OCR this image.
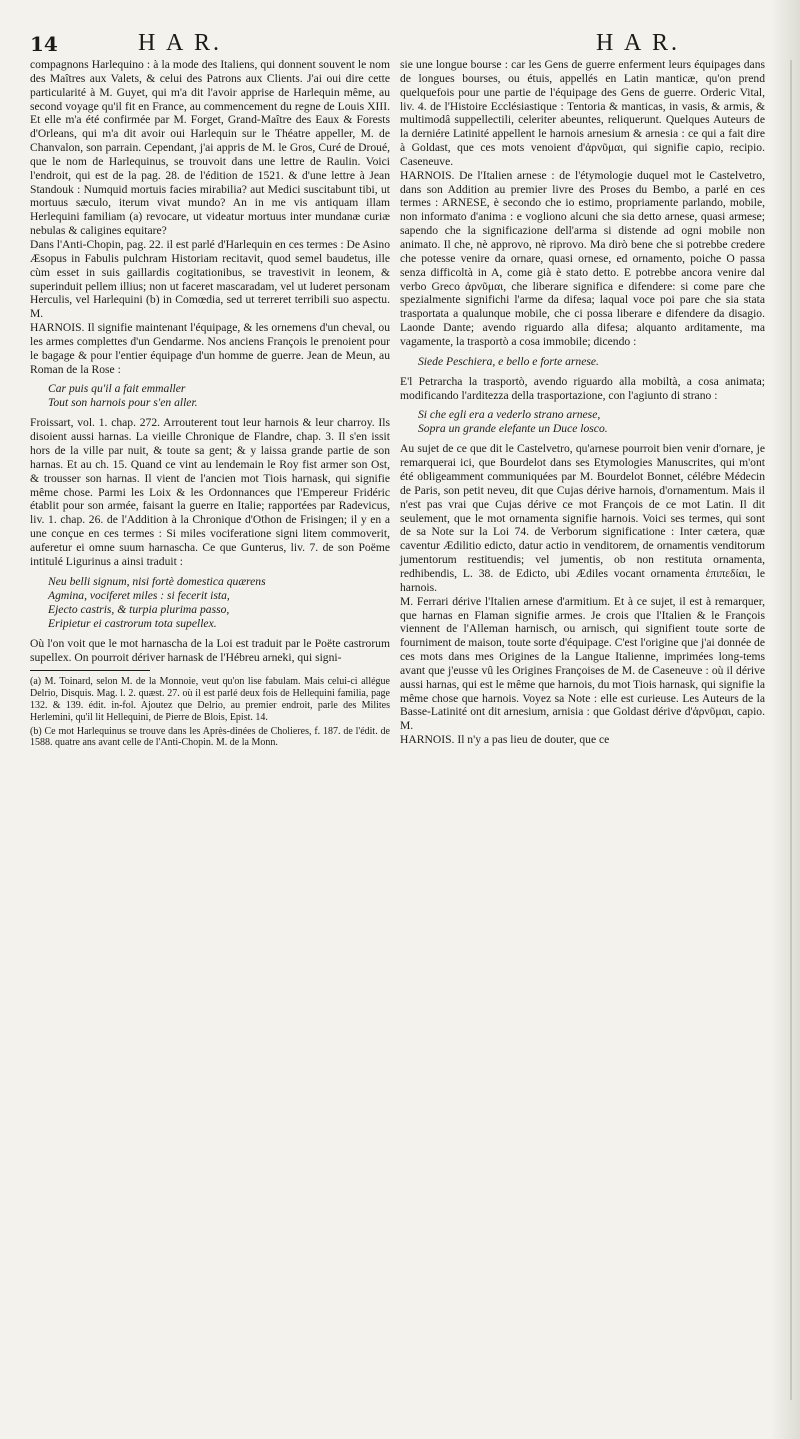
14	H A R.	H A R.

compagnons Harlequino : à la mode des Italiens, qui donnent souvent le nom des Maîtres aux Valets, & celui des Patrons aux Clients. J'ai oui dire cette particularité à M. Guyet, qui m'a dit l'avoir apprise de Harlequin même, au second voyage qu'il fit en France, au commencement du regne de Louis XIII. Et elle m'a été confirmée par M. Forget, Grand-Maître des Eaux & Forests d'Orleans, qui m'a dit avoir oui Harlequin sur le Théatre appeller, M. de Chanvalon, son parrain. Cependant, j'ai appris de M. le Gros, Curé de Droué, que le nom de Harlequinus, se trouvoit dans une lettre de Raulin. Voici l'endroit, qui est de la pag. 28. de l'édition de 1521. & d'une lettre à Jean Standouk : Numquid mortuis facies mirabilia? aut Medici suscitabunt tibi, ut mortuus sæculo, iterum vivat mundo? An in me vis antiquam illam Herlequini familiam (a) revocare, ut videatur mortuus inter mundanæ curiæ nebulas & caligines equitare?

Dans l'Anti-Chopin, pag. 22. il est parlé d'Harlequin en ces termes : De Asino Æsopus in Fabulis pulchram Historiam recitavit, quod semel baudetus, ille cùm esset in suis gaillardis cogitationibus, se travestivit in leonem, & superinduit pellem illius; non ut faceret mascaradam, vel ut luderet personam Herculis, vel Harlequini (b) in Comœdia, sed ut terreret terribili suo aspectu. M.

HARNOIS. Il signifie maintenant l'équipage, & les ornemens d'un cheval, ou les armes complettes d'un Gendarme. Nos anciens François le prenoient pour le bagage & pour l'entier équipage d'un homme de guerre. Jean de Meun, au Roman de la Rose :

Car puis qu'il a fait emmaller

Tout son harnois pour s'en aller.

Froissart, vol. 1. chap. 272. Arrouterent tout leur harnois & leur charroy. Ils disoient aussi harnas. La vieille Chronique de Flandre, chap. 3. Il s'en issit hors de la ville par nuit, & toute sa gent; & y laissa grande partie de son harnas. Et au ch. 15. Quand ce vint au lendemain le Roy fist armer son Ost, & trousser son harnas. Il vient de l'ancien mot Tiois harnask, qui signifie même chose. Parmi les Loix & les Ordonnances que l'Empereur Fridéric établit pour son armée, faisant la guerre en Italie; rapportées par Radevicus, liv. 1. chap. 26. de l'Addition à la Chronique d'Othon de Frisingen; il y en a une conçue en ces termes : Si miles vociferatione signi litem commoverit, auferetur ei omne suum harnascha. Ce que Gunterus, liv. 7. de son Poëme intitulé Ligurinus a ainsi traduit :

Neu belli signum, nisi fortè domestica quærens

Agmina, vociferet miles : si fecerit ista,

Ejecto castris, & turpia plurima passo,

Eripietur ei castrorum tota supellex.

Où l'on voit que le mot harnascha de la Loi est traduit par le Poëte castrorum supellex. On pourroit dériver harnask de l'Hébreu arneki, qui signi-

(a) M. Toinard, selon M. de la Monnoie, veut qu'on lise fabulam. Mais celui-ci allégue Delrio, Disquis. Mag. l. 2. quæst. 27. où il est parlé deux fois de Hellequini familia, page 132. & 139. édit. in-fol. Ajoutez que Delrio, au premier endroit, parle des Milites Herlemini, qu'il lit Hellequini, de Pierre de Blois, Epist. 14.

(b) Ce mot Harlequinus se trouve dans les Après-dinées de Cholieres, f. 187. de l'édit. de 1588. quatre ans avant celle de l'Anti-Chopin. M. de la Monn.

sie une longue bourse : car les Gens de guerre enferment leurs équipages dans de longues bourses, ou étuis, appellés en Latin manticæ, qu'on prend quelquefois pour une partie de l'équipage des Gens de guerre. Orderic Vital, liv. 4. de l'Histoire Ecclésiastique : Tentoria & manticas, in vasis, & armis, & multimodâ suppellectili, celeriter abeuntes, reliquerunt. Quelques Auteurs de la derniére Latinité appellent le harnois arnesium & arnesia : ce qui a fait dire à Goldast, que ces mots venoient d'ἀρνῦμαι, qui signifie capio, recipio. Caseneuve.

HARNOIS. De l'Italien arnese : de l'étymologie duquel mot le Castelvetro, dans son Addition au premier livre des Proses du Bembo, a parlé en ces termes : ARNESE, è secondo che io estimo, propriamente parlando, mobile, non informato d'anima : e vogliono alcuni che sia detto arnese, quasi armese; sapendo che la significazione dell'arma si distende ad ogni mobile non animato. Il che, nè approvo, nè riprovo. Ma dirò bene che si potrebbe credere che potesse venire da ornare, quasi ornese, ed ornamento, poiche O passa senza difficoltà in A, come già è stato detto. E potrebbe ancora venire dal verbo Greco ἀρνῦμαι, che liberare significa e difendere: si come pare che spezialmente significhi l'arme da difesa; laqual voce poi pare che sia stata trasportata a qualunque mobile, che ci possa liberare e difendere da disagio. Laonde Dante; avendo riguardo alla difesa; alquanto arditamente, ma vagamente, la trasportò a cosa immobile; dicendo :

Siede Peschiera, e bello e forte arnese.

E'l Petrarcha la trasportò, avendo riguardo alla mobiltà, a cosa animata; modificando l'arditezza della trasportazione, con l'agiunto di strano :

Si che egli era a vederlo strano arnese,

Sopra un grande elefante un Duce losco.

Au sujet de ce que dit le Castelvetro, qu'arnese pourroit bien venir d'ornare, je remarquerai ici, que Bourdelot dans ses Etymologies Manuscrites, qui m'ont été obligeamment communiquées par M. Bourdelot Bonnet, célébre Médecin de Paris, son petit neveu, dit que Cujas dérive harnois, d'ornamentum. Mais il n'est pas vrai que Cujas dérive ce mot François de ce mot Latin. Il dit seulement, que le mot ornamenta signifie harnois. Voici ses termes, qui sont de sa Note sur la Loi 74. de Verborum significatione : Inter cætera, quæ caventur Ædilitio edicto, datur actio in venditorem, de ornamentis venditorum jumentorum restituendis; vel jumentis, ob non restituta ornamenta, redhibendis, L. 38. de Edicto, ubi Ædiles vocant ornamenta ἐπιπεδίαι, le harnois.

M. Ferrari dérive l'Italien arnese d'armitium. Et à ce sujet, il est à remarquer, que harnas en Flaman signifie armes. Je crois que l'Italien & le François viennent de l'Alleman harnisch, ou arnisch, qui signifient toute sorte de fourniment de maison, toute sorte d'équipage. C'est l'origine que j'ai donnée de ces mots dans mes Origines de la Langue Italienne, imprimées long-tems avant que j'eusse vû les Origines Françoises de M. de Caseneuve : où il dérive aussi harnas, qui est le même que harnois, du mot Tiois harnask, qui signifie la même chose que harnois. Voyez sa Note : elle est curieuse. Les Auteurs de la Basse-Latinité ont dit arnesium, arnisia : que Goldast dérive d'ἀρνῦμαι, capio. M.

HARNOIS. Il n'y a pas lieu de douter, que ce
